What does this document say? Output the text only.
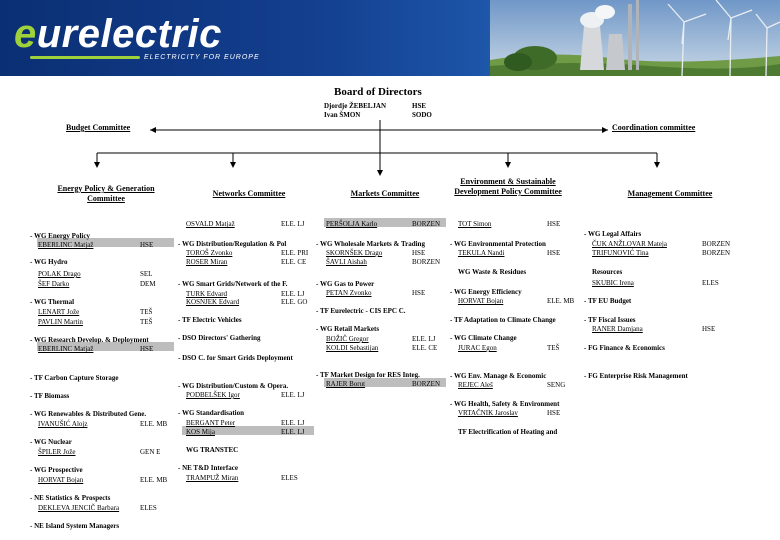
eurelectric
ELECTRICITY FOR EUROPE
Board of Directors
Djordje ŽEBELJAN	HSE
Ivan ŠMON	SODO
Budget Committee	Coordination committee
Energy Policy & Generation Committee
Networks Committee	Markets Committee
Environment & Sustainable Development Policy Committee	Management Committee
- WG Energy Policy
EBERLINC Matjaž	HSE
- WG Hydro
POLAK Drago	SEL
ŠEF Darko	DEM
- WG Thermal
LENART Jože	TEŠ
PAVLIN Martin	TEŠ
- WG Research Develop. & Deployment
EBERLINC Matjaž	HSE
- TF Carbon Capture Storage
- TF Biomass
- WG Renewables & Distributed Gene.
IVANUŠIĆ Alojz	ELE. MB
- WG Nuclear
ŠPILER Jože	GEN E
- WG Prospective
HORVAT Bojan	ELE. MB
- NE Statistics & Prospects
DEKLEVA JENCIČ Barbara	ELES
- NE Island System Managers
OSVALD Matjaž	ELE. LJ
- WG Distribution/Regulation & Pol
TOROŠ Zvonko	ELE. PRI
ROSER Miran	ELE. CE
- WG Smart Grids/Network of the F.
TURK Edvard	ELE. LJ
KOSNJEK Edvard	ELE. GO
- TF Electric Vehicles
- DSO Directors' Gathering
- DSO C. for Smart Grids Deployment
- WG Distribution/Custom & Opera.
PODBELŠEK Igor	ELE. LJ
- WG Standardisation
BERGANT Peter	ELE. LJ
KOS Mija	ELE. LJ
WG TRANSTEC
- NE T&D Interface
TRAMPUŽ Miran	ELES
PERŠOLJA Karlo	BORZEN
- WG Wholesale Markets & Trading
SKORNŠEK Drago	HSE
ŠAVLI Aishah	BORZEN
- WG Gas to Power
PETAN Zvonko	HSE
- TF Eurelectric - CIS EPC C.
- WG Retail Markets
BOŽIČ Gregor	ELE. LJ
KOLDI Sebastijan	ELE. CE
- TF Market Design for RES Integ.
RAJER Borut	BORZEN
TOT Simon	HSE
- WG Environmental Protection
TEKULA Nandi	HSE
WG Waste & Residues
- WG Energy Efficiency
HORVAT Bojan	ELE. MB
- TF Adaptation to Climate Change
- WG Climate Change
JURAC Egon	TEŠ
- WG Env. Manage & Economic
REJEC Aleš	SENG
- WG Health, Safety & Environment
VRTAČNIK Jaroslav	HSE
TF Electrification of Heating and
- WG Legal Affairs
ČUK ANŽLOVAR Mateja	BORZEN
TRIFUNOVIĆ Tina	BORZEN
Resources
SKUBIC Irena	ELES
- TF EU Budget
- TF Fiscal Issues
RANER Damjana	HSE
- FG Finance & Economics
- FG Enterprise Risk Management
